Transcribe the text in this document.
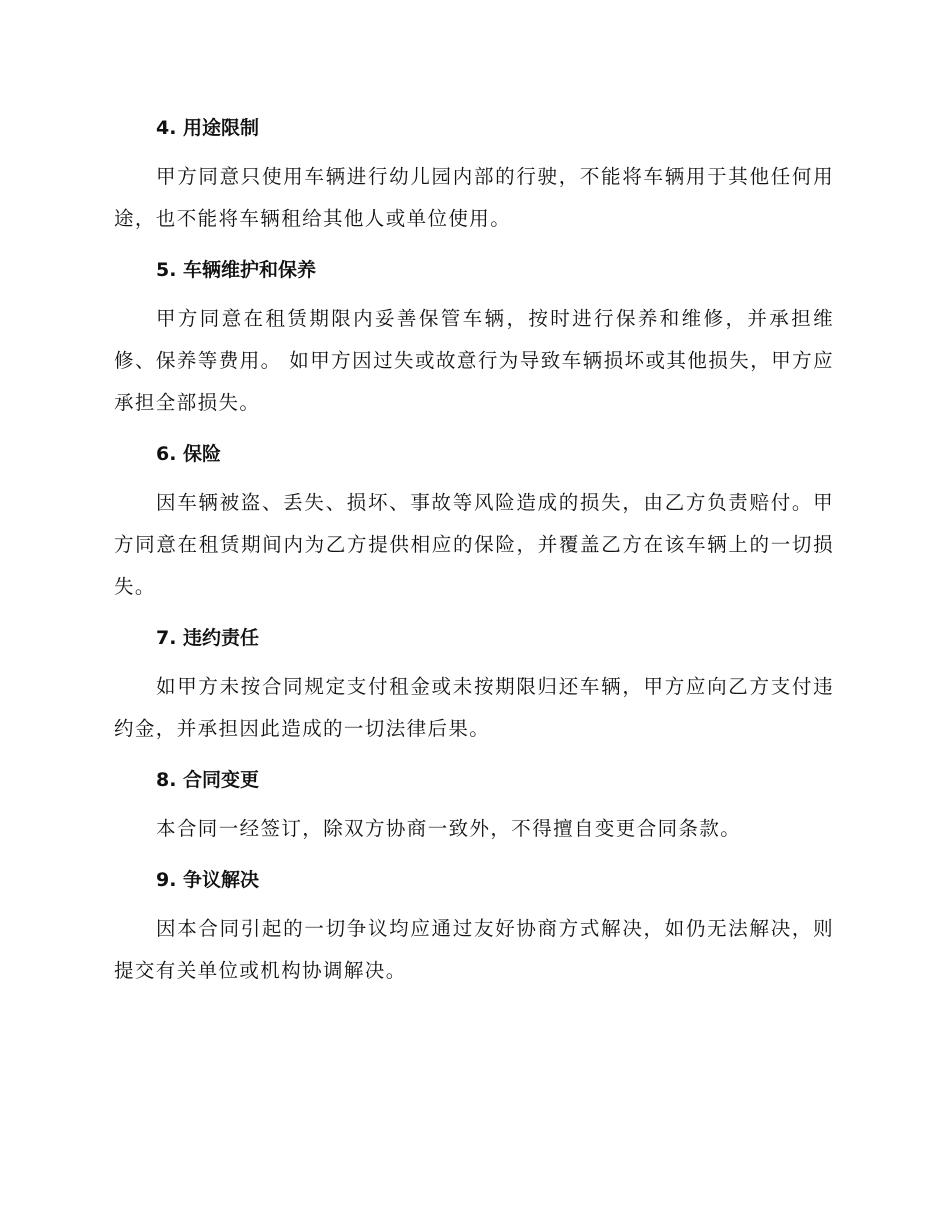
4. 用途限制

甲方同意只使用车辆进行幼儿园内部的行驶，不能将车辆用于其他任何用途，也不能将车辆租给其他人或单位使用。

5. 车辆维护和保养

甲方同意在租赁期限内妥善保管车辆，按时进行保养和维修，并承担维修、保养等费用。 如甲方因过失或故意行为导致车辆损坏或其他损失，甲方应承担全部损失。

6. 保险

因车辆被盗、丢失、损坏、事故等风险造成的损失，由乙方负责赔付。甲方同意在租赁期间内为乙方提供相应的保险，并覆盖乙方在该车辆上的一切损失。

7. 违约责任

如甲方未按合同规定支付租金或未按期限归还车辆，甲方应向乙方支付违约金，并承担因此造成的一切法律后果。

8. 合同变更

本合同一经签订，除双方协商一致外，不得擅自变更合同条款。

9. 争议解决

因本合同引起的一切争议均应通过友好协商方式解决，如仍无法解决，则提交有关单位或机构协调解决。
